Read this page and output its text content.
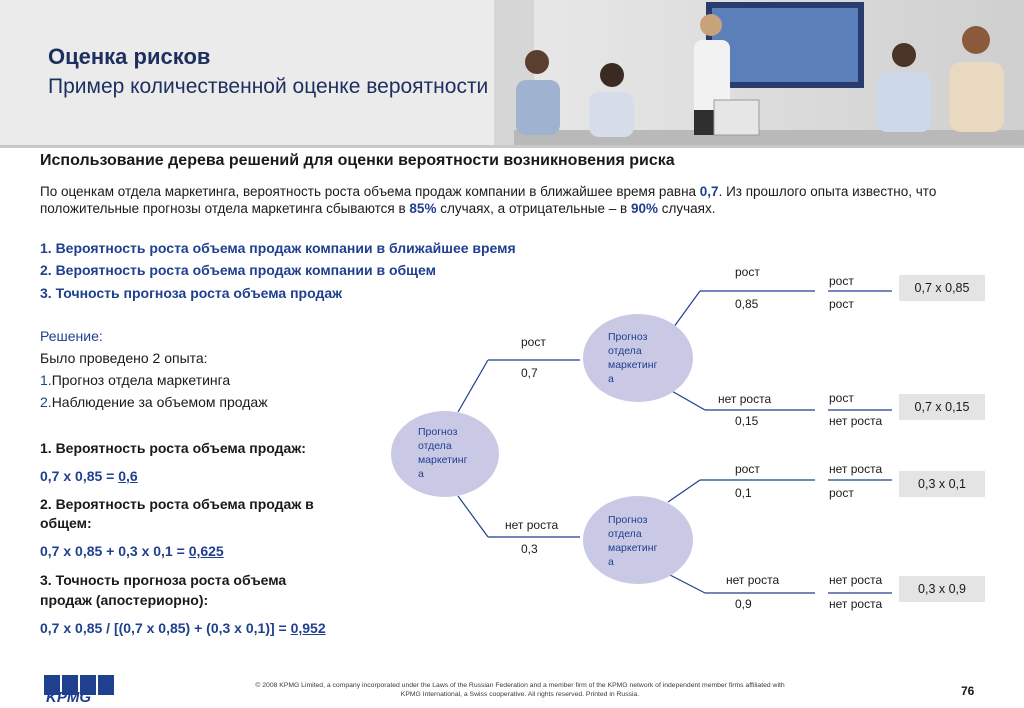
Оценка рисков
Пример количественной оценке вероятности
Использование дерева решений для оценки вероятности возникновения риска
По оценкам отдела маркетинга, вероятность роста объема продаж компании в ближайшее время равна 0,7. Из прошлого опыта известно, что положительные прогнозы отдела маркетинга сбываются в 85% случаях, а отрицательные – в 90% случаях.
1. Вероятность роста объема продаж компании в ближайшее время
2. Вероятность роста объема продаж компании в общем
3. Точность прогноза роста объема продаж
Решение:
Было проведено 2 опыта:
1.Прогноз отдела маркетинга
2.Наблюдение за объемом продаж
1. Вероятность роста объема продаж:
0,7 х 0,85 = 0,6
2. Вероятность роста объема продаж в
общем:
0,7 х 0,85 + 0,3 х 0,1 = 0,625
3. Точность прогноза роста объема
продаж (апостериорно):
0,7 х 0,85 / [(0,7 х 0,85) + (0,3 х 0,1)] = 0,952
Прогноз
отдела
маркетинг
а
Прогноз
отдела
маркетинг
а
Прогноз
отдела
маркетинг
а
рост
0,7
нет роста
0,3
рост
0,85
нет роста
0,15
рост
0,1
нет роста
0,9
рост
рост
рост
нет роста
нет роста
рост
нет роста
нет роста
0,7 х 0,85
0,7 х 0,15
0,3 х 0,1
0,3 х 0,9
KPMG
© 2008 KPMG Limited, a company incorporated under the Laws of the Russian Federation and a member firm of the KPMG network of independent member firms affiliated with
KPMG International, a Swiss cooperative. All rights reserved. Printed in Russia.	76
